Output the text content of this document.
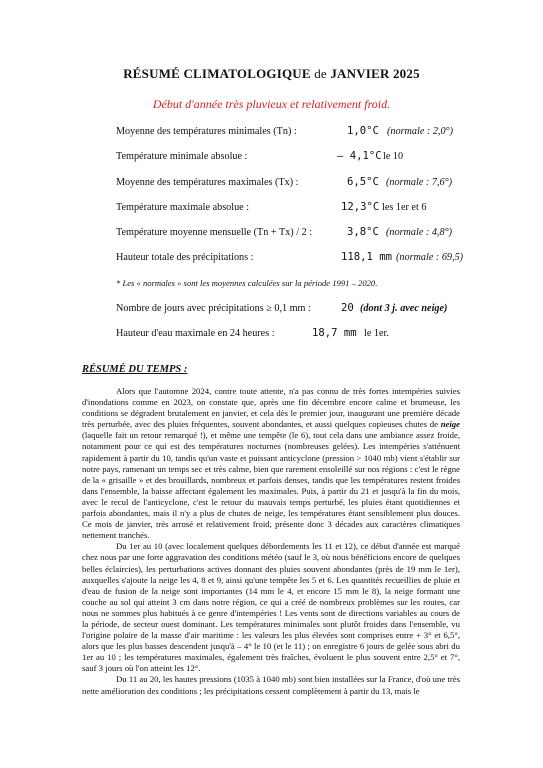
RÉSUMÉ CLIMATOLOGIQUE de JANVIER 2025
Début d'année très pluvieux et relativement froid.
Moyenne des températures minimales (Tn) :	1,0°C (normale : 2,0°)
Température minimale absolue :	– 4,1°C le 10
Moyenne des températures maximales (Tx) :	6,5°C (normale : 7,6°)
Température maximale absolue :	12,3°C les 1er et 6
Température moyenne mensuelle (Tn + Tx) / 2 :	3,8°C (normale : 4,8°)
Hauteur totale des précipitations :	118,1 mm (normale : 69,5)
* Les « normales » sont les moyennes calculées sur la période 1991 – 2020.
Nombre de jours avec précipitations ≥ 0,1 mm :	20 (dont 3 j. avec neige)
Hauteur d'eau maximale en 24 heures :	18,7 mm le 1er.
RÉSUMÉ DU TEMPS :

Alors que l'automne 2024, contre toute attente, n'a pas connu de très fortes intempéries suivies d'inondations comme en 2023, on constate que, après une fin décembre encore calme et brumeuse, les conditions se dégradent brutalement en janvier, et cela dès le premier jour, inaugurant une première décade très perturbée, avec des pluies fréquentes, souvent abondantes, et aussi quelques copieuses chutes de neige (laquelle fait un retour remarqué !), et même une tempête (le 6), tout cela dans une ambiance assez froide, notamment pour ce qui est des températures nocturnes (nombreuses gelées). Les intempéries s'atténuent rapidement à partir du 10, tandis qu'un vaste et puissant anticyclone (pression > 1040 mb) vient s'établir sur notre pays, ramenant un temps sec et très calme, bien que rarement ensoleillé sur nos régions : c'est le règne de la « grisaille » et des brouillards, nombreux et parfois denses, tandis que les températures restent froides dans l'ensemble, la baisse affectant également les maximales. Puis, à partir du 21 et jusqu'à la fin du mois, avec le recul de l'anticyclone, c'est le retour du mauvais temps perturbé, les pluies étant quotidiennes et parfois abondantes, mais il n'y a plus de chutes de neige, les températures étant sensiblement plus douces. Ce mois de janvier, très arrosé et relativement froid, présente donc 3 décades aux caractères climatiques nettement tranchés.

Du 1er au 10 (avec localement quelques débordements les 11 et 12), ce début d'année est marqué chez nous par une forte aggravation des conditions météo (sauf le 3, où nous bénéficions encore de quelques belles éclaircies), les perturbations actives donnant des pluies souvent abondantes (près de 19 mm le 1er), auxquelles s'ajoute la neige les 4, 8 et 9, ainsi qu'une tempête les 5 et 6. Les quantités recueillies de pluie et d'eau de fusion de la neige sont importantes (14 mm le 4, et encore 15 mm le 8), la neige formant une couche au sol qui atteint 3 cm dans notre région, ce qui a créé de nombreux problèmes sur les routes, car nous ne sommes plus habitués à ce genre d'intempéries ! Les vents sont de directions variables au cours de la période, de secteur ouest dominant. Les températures minimales sont plutôt froides dans l'ensemble, vu l'origine polaire de la masse d'air maritime : les valeurs les plus élevées sont comprises entre + 3° et 6,5°, alors que les plus basses descendent jusqu'à – 4° le 10 (et le 11) ; on enregistre 6 jours de gelée sous abri du 1er au 10 ; les températures maximales, également très fraîches, évoluent le plus souvent entre 2,5° et 7°, sauf 3 jours où l'on atteint les 12°.

Du 11 au 20, les hautes pressions (1035 à 1040 mb) sont bien installées sur la France, d'où une très nette amélioration des conditions ; les précipitations cessent complètement à partir du 13, mais le
